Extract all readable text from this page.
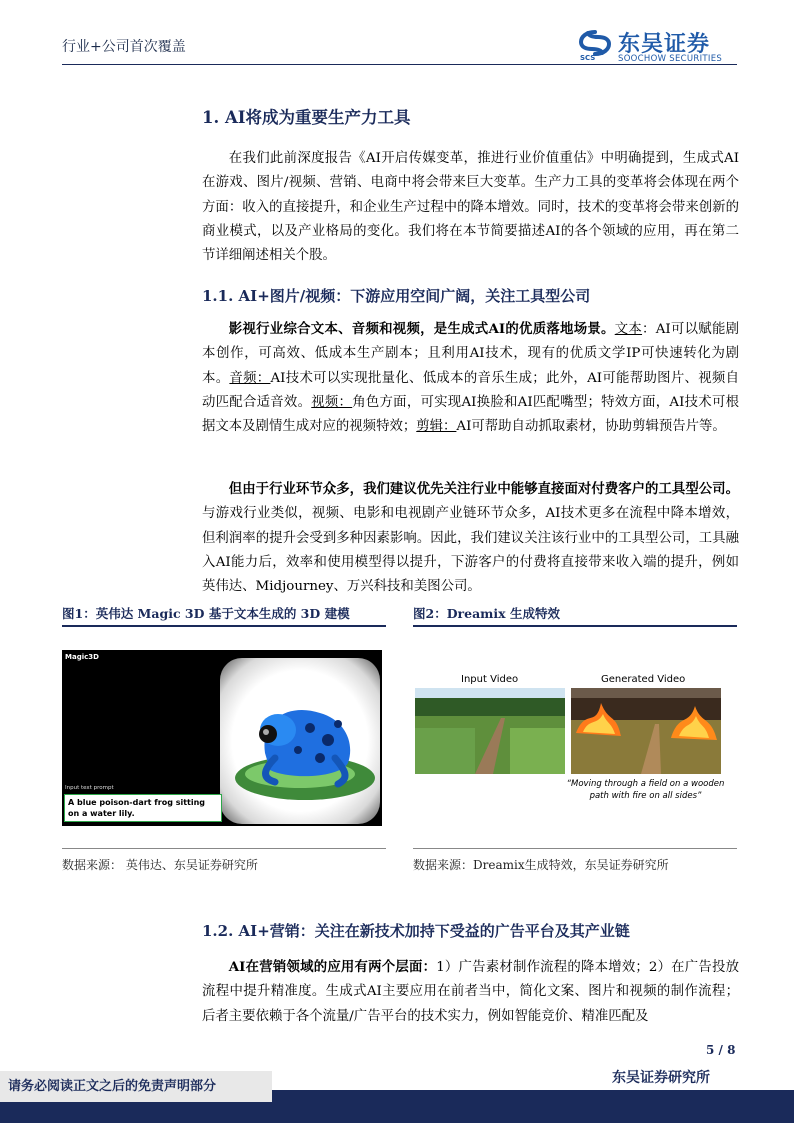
行业+公司首次覆盖	东吴证券
SCS	SOOCHOW SECURITIES
1. AI将成为重要生产力工具

在我们此前深度报告《AI开启传媒变革，推进行业价值重估》中明确提到，生成式AI在游戏、图片/视频、营销、电商中将会带来巨大变革。生产力工具的变革将会体现在两个方面：收入的直接提升，和企业生产过程中的降本增效。同时，技术的变革将会带来创新的商业模式，以及产业格局的变化。我们将在本节简要描述AI的各个领域的应用，再在第二节详细阐述相关个股。

1.1. AI+图片/视频：下游应用空间广阔，关注工具型公司

影视行业综合文本、音频和视频，是生成式AI的优质落地场景。文本：AI可以赋能剧本创作，可高效、低成本生产剧本；且利用AI技术，现有的优质文学IP可快速转化为剧本。音频：AI技术可以实现批量化、低成本的音乐生成；此外，AI可能帮助图片、视频自动匹配合适音效。视频：角色方面，可实现AI换脸和AI匹配嘴型；特效方面，AI技术可根据文本及剧情生成对应的视频特效；剪辑：AI可帮助自动抓取素材，协助剪辑预告片等。

但由于行业环节众多，我们建议优先关注行业中能够直接面对付费客户的工具型公司。与游戏行业类似，视频、电影和电视剧产业链环节众多，AI技术更多在流程中降本增效，但利润率的提升会受到多种因素影响。因此，我们建议关注该行业中的工具型公司，工具融入AI能力后，效率和使用模型得以提升，下游客户的付费将直接带来收入端的提升，例如英伟达、Midjourney、万兴科技和美图公司。

图1：英伟达 Magic 3D 基于文本生成的 3D 建模	图2：Dreamix 生成特效
Magic3D
Input text prompt
A blue poison-dart frog sitting on a water lily.
Input Video	Generated Video
“Moving through a field on a wooden path with fire on all sides”
数据来源： 英伟达、东吴证券研究所	数据来源：Dreamix生成特效，东吴证券研究所
1.2. AI+营销：关注在新技术加持下受益的广告平台及其产业链

AI在营销领域的应用有两个层面：1）广告素材制作流程的降本增效；2）在广告投放流程中提升精准度。生成式AI主要应用在前者当中，简化文案、图片和视频的制作流程；后者主要依赖于各个流量/广告平台的技术实力，例如智能竞价、精准匹配及

5 / 8
请务必阅读正文之后的免责声明部分
东吴证券研究所
